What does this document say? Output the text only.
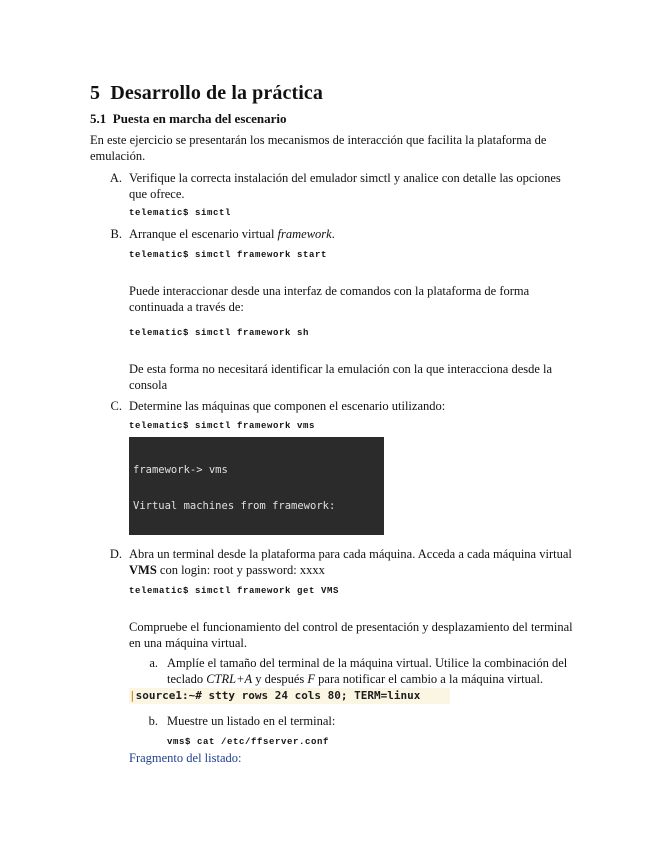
5 Desarrollo de la práctica
5.1 Puesta en marcha del escenario
En este ejercicio se presentarán los mecanismos de interacción que facilita la plataforma de
emulación.
A. Verifique la correcta instalación del emulador simctl y analice con detalle las opciones
que ofrece.
telematic$ simctl
B. Arranque el escenario virtual framework.
telematic$ simctl framework start
Puede interaccionar desde una interfaz de comandos con la plataforma de forma
continuada a través de:
telematic$ simctl framework sh
De esta forma no necesitará identificar la emulación con la que interacciona desde la
consola
C. Determine las máquinas que componen el escenario utilizando:
telematic$ simctl framework vms

framework-> vms

Virtual machines from framework:

D. Abra un terminal desde la plataforma para cada máquina. Acceda a cada máquina virtual
VMS con login: root y password: xxxx
telematic$ simctl framework get VMS
Compruebe el funcionamiento del control de presentación y desplazamiento del terminal
en una máquina virtual.
a. Amplíe el tamaño del terminal de la máquina virtual. Utilice la combinación del
teclado CTRL+A y después F para notificar el cambio a la máquina virtual.
|source1:~# stty rows 24 cols 80; TERM=linux
b. Muestre un listado en el terminal:
vms$ cat /etc/ffserver.conf
Fragmento del listado:
